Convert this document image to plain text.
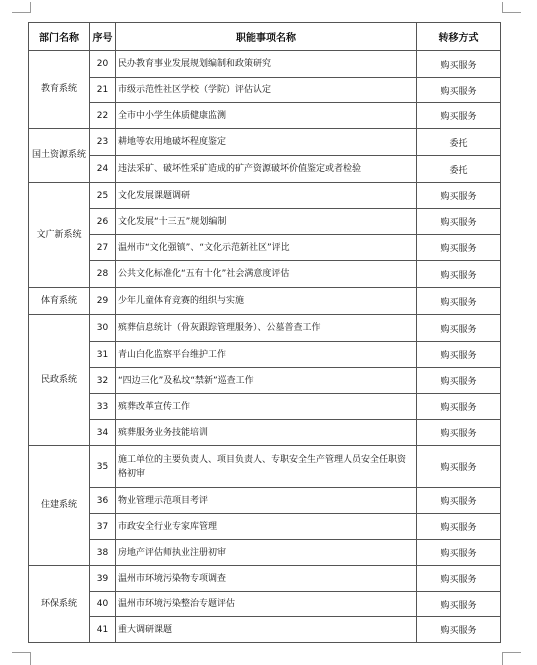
部门名称	序号	职能事项名称	转移方式
教育系统	20	民办教育事业发展规划编制和政策研究	购买服务
	21	市级示范性社区学校（学院）评估认定	购买服务
	22	全市中小学生体质健康监测	购买服务
国土资源系统	23	耕地等农用地破坏程度鉴定	委托
	24	违法采矿、破坏性采矿造成的矿产资源破坏价值鉴定或者检验	委托
文广新系统	25	文化发展课题调研	购买服务
	26	文化发展“十三五”规划编制	购买服务
	27	温州市“文化强镇”、“文化示范新社区”评比	购买服务
	28	公共文化标准化“五有十化”社会满意度评估	购买服务
体育系统	29	少年儿童体育竞赛的组织与实施	购买服务
民政系统	30	殡葬信息统计（骨灰跟踪管理服务）、公墓普查工作	购买服务
	31	青山白化监察平台维护工作	购买服务
	32	“四边三化”及私坟“禁新”巡查工作	购买服务
	33	殡葬改革宣传工作	购买服务
	34	殡葬服务业务技能培训	购买服务
住建系统	35	施工单位的主要负责人、项目负责人、专职安全生产管理人员安全任职资格初审	购买服务
	36	物业管理示范项目考评	购买服务
	37	市政安全行业专家库管理	购买服务
	38	房地产评估师执业注册初审	购买服务
环保系统	39	温州市环境污染物专项调查	购买服务
	40	温州市环境污染整治专题评估	购买服务
	41	重大调研课题	购买服务
